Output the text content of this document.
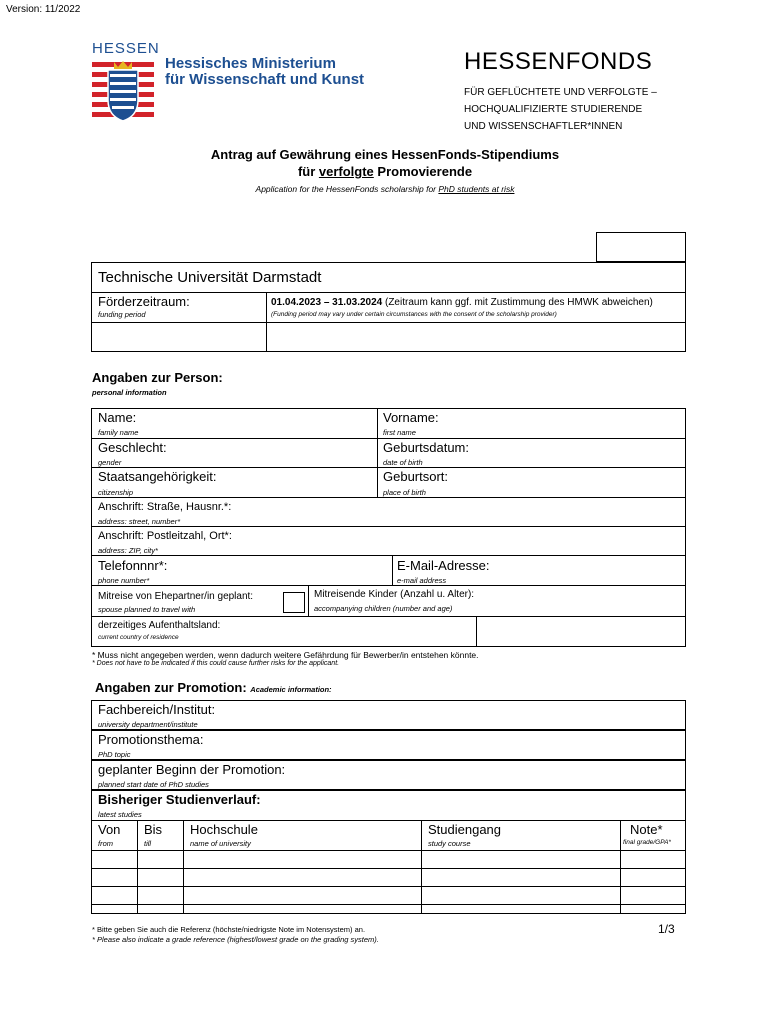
Version: 11/2022
HESSEN
Hessisches Ministerium
für Wissenschaft und Kunst
HESSENFONDS
FÜR GEFLÜCHTETE UND VERFOLGTE –
HOCHQUALIFIZIERTE STUDIERENDE
UND WISSENSCHAFTLER*INNEN
Antrag auf Gewährung eines HessenFonds-Stipendiums
für verfolgte Promovierende
Application for the HessenFonds scholarship for PhD students at risk
Technische Universität Darmstadt
Förderzeitraum:
funding period
01.04.2023 – 31.03.2024 (Zeitraum kann ggf. mit Zustimmung des HMWK abweichen)
(Funding period may vary under certain circumstances with the consent of the scholarship provider)
Angaben zur Person:
personal information
Name:
family name
Vorname:
first name
Geschlecht:
gender
Geburtsdatum:
date of birth
Staatsangehörigkeit:
citizenship
Geburtsort:
place of birth
Anschrift: Straße, Hausnr.*:
address: street, number*
Anschrift: Postleitzahl, Ort*:
address: ZIP, city*
Telefonnnr*:
phone number*
E-Mail-Adresse:
e-mail address
Mitreise von Ehepartner/in geplant:
spouse planned to travel with
Mitreisende Kinder (Anzahl u. Alter):
accompanying children (number and age)
derzeitiges Aufenthaltsland:
current country of residence
* Muss nicht angegeben werden, wenn dadurch weitere Gefährdung für Bewerber/in entstehen könnte.
* Does not have to be indicated if this could cause further risks for the applicant.
Angaben zur Promotion: Academic information:
Fachbereich/Institut:
university department/institute
Promotionsthema:
PhD topic
geplanter Beginn der Promotion:
planned start date of PhD studies
Bisheriger Studienverlauf:
latest studies
Von
from
Bis
till
Hochschule
name of university
Studiengang
study course
Note*
final grade/GPA*
* Bitte geben Sie auch die Referenz (höchste/niedrigste Note im Notensystem) an.
* Please also indicate a grade reference (highest/lowest grade on the grading system).
1/3
